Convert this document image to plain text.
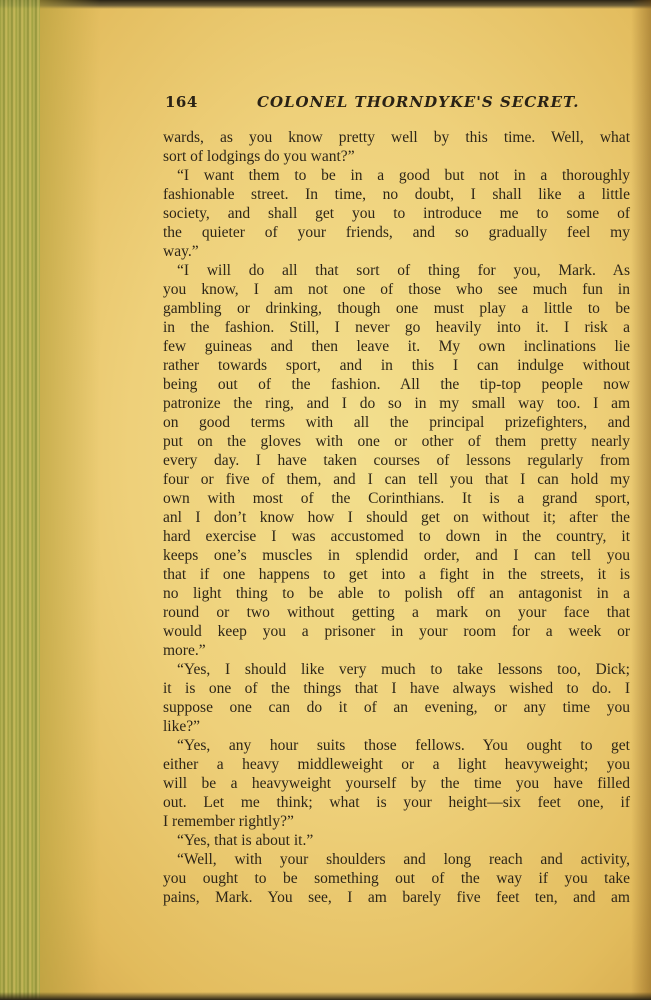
164	COLONEL THORNDYKE'S SECRET.
wards, as you know pretty well by this time. Well, what
sort of lodgings do you want?”
“I want them to be in a good but not in a thoroughly
fashionable street. In time, no doubt, I shall like a little
society, and shall get you to introduce me to some of
the quieter of your friends, and so gradually feel my
way.”
“I will do all that sort of thing for you, Mark. As
you know, I am not one of those who see much fun in
gambling or drinking, though one must play a little to be
in the fashion. Still, I never go heavily into it. I risk a
few guineas and then leave it. My own inclinations lie
rather towards sport, and in this I can indulge without
being out of the fashion. All the tip-top people now
patronize the ring, and I do so in my small way too. I am
on good terms with all the principal prizefighters, and
put on the gloves with one or other of them pretty nearly
every day. I have taken courses of lessons regularly from
four or five of them, and I can tell you that I can hold my
own with most of the Corinthians. It is a grand sport,
anl I don’t know how I should get on without it; after the
hard exercise I was accustomed to down in the country, it
keeps one’s muscles in splendid order, and I can tell you
that if one happens to get into a fight in the streets, it is
no light thing to be able to polish off an antagonist in a
round or two without getting a mark on your face that
would keep you a prisoner in your room for a week or
more.”
“Yes, I should like very much to take lessons too, Dick;
it is one of the things that I have always wished to do. I
suppose one can do it of an evening, or any time you
like?”
“Yes, any hour suits those fellows. You ought to get
either a heavy middleweight or a light heavyweight; you
will be a heavyweight yourself by the time you have filled
out. Let me think; what is your height—six feet one, if
I remember rightly?”
“Yes, that is about it.”
“Well, with your shoulders and long reach and activity,
you ought to be something out of the way if you take
pains, Mark. You see, I am barely five feet ten, and am
